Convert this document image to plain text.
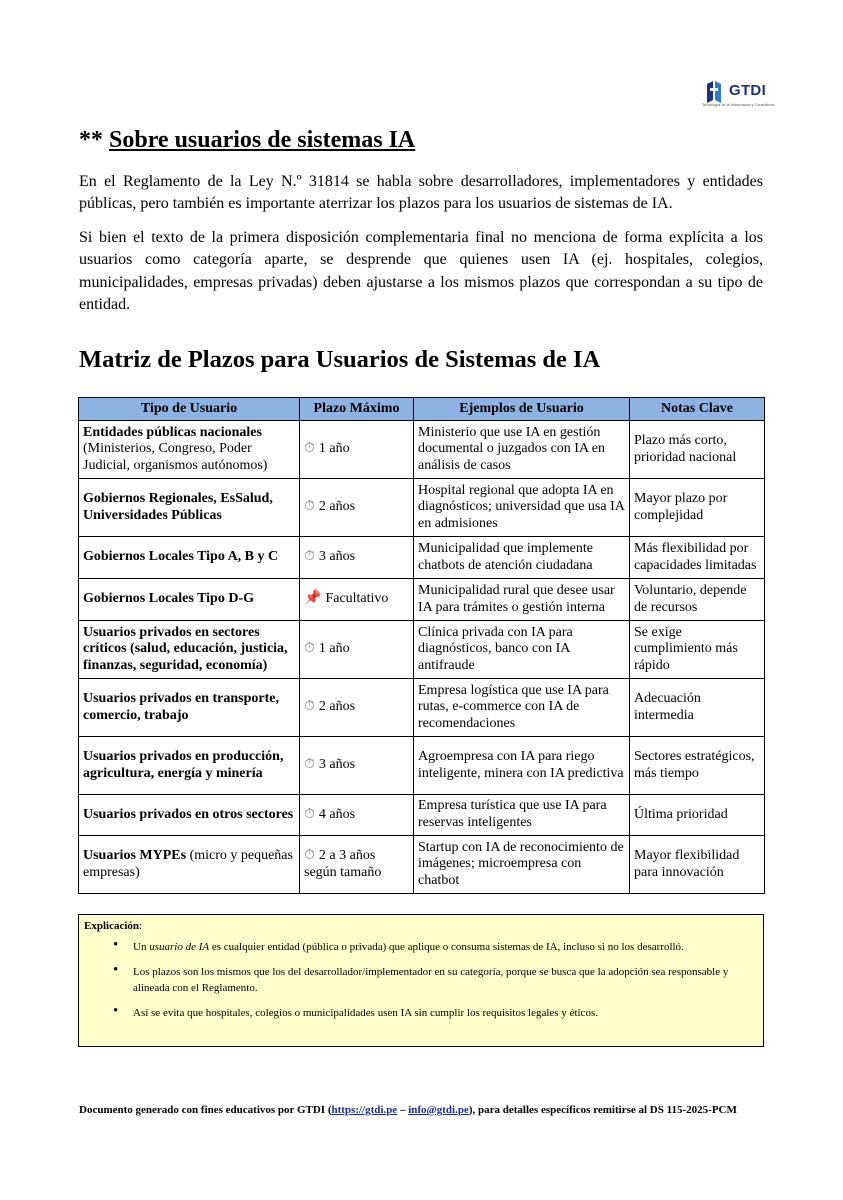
GTDI
Tecnología de la Información y Consultoría
** Sobre usuarios de sistemas IA

En el Reglamento de la Ley N.º 31814 se habla sobre desarrolladores, implementadores y entidades públicas, pero también es importante aterrizar los plazos para los usuarios de sistemas de IA.

Si bien el texto de la primera disposición complementaria final no menciona de forma explícita a los usuarios como categoría aparte, se desprende que quienes usen IA (ej. hospitales, colegios, municipalidades, empresas privadas) deben ajustarse a los mismos plazos que correspondan a su tipo de entidad.

Matriz de Plazos para Usuarios de Sistemas de IA
Tipo de Usuario	Plazo Máximo	Ejemplos de Usuario	Notas Clave
Entidades públicas nacionales (Ministerios, Congreso, Poder Judicial, organismos autónomos)	⏱ 1 año	Ministerio que use IA en gestión documental o juzgados con IA en análisis de casos	Plazo más corto, prioridad nacional
Gobiernos Regionales, EsSalud, Universidades Públicas	⏱ 2 años	Hospital regional que adopta IA en diagnósticos; universidad que usa IA en admisiones	Mayor plazo por complejidad
Gobiernos Locales Tipo A, B y C	⏱ 3 años	Municipalidad que implemente chatbots de atención ciudadana	Más flexibilidad por capacidades limitadas
Gobiernos Locales Tipo D-G	📌 Facultativo	Municipalidad rural que desee usar IA para trámites o gestión interna	Voluntario, depende de recursos
Usuarios privados en sectores críticos (salud, educación, justicia, finanzas, seguridad, economía)	⏱ 1 año	Clínica privada con IA para diagnósticos, banco con IA antifraude	Se exige cumplimiento más rápido
Usuarios privados en transporte, comercio, trabajo	⏱ 2 años	Empresa logística que use IA para rutas, e-commerce con IA de recomendaciones	Adecuación intermedia
Usuarios privados en producción, agricultura, energía y minería	⏱ 3 años	Agroempresa con IA para riego inteligente, minera con IA predictiva	Sectores estratégicos, más tiempo
Usuarios privados en otros sectores	⏱ 4 años	Empresa turística que use IA para reservas inteligentes	Última prioridad
Usuarios MYPEs (micro y pequeñas empresas)	⏱ 2 a 3 años según tamaño	Startup con IA de reconocimiento de imágenes; microempresa con chatbot	Mayor flexibilidad para innovación

Explicación:

• Un usuario de IA es cualquier entidad (pública o privada) que aplique o consuma sistemas de IA, incluso si no los desarrolló.
• Los plazos son los mismos que los del desarrollador/implementador en su categoría, porque se busca que la adopción sea responsable y alineada con el Reglamento.
• Así se evita que hospitales, colegios o municipalidades usen IA sin cumplir los requisitos legales y éticos.

Documento generado con fines educativos por GTDI (https://gtdi.pe – info@gtdi.pe), para detalles específicos remitirse al DS 115-2025-PCM
